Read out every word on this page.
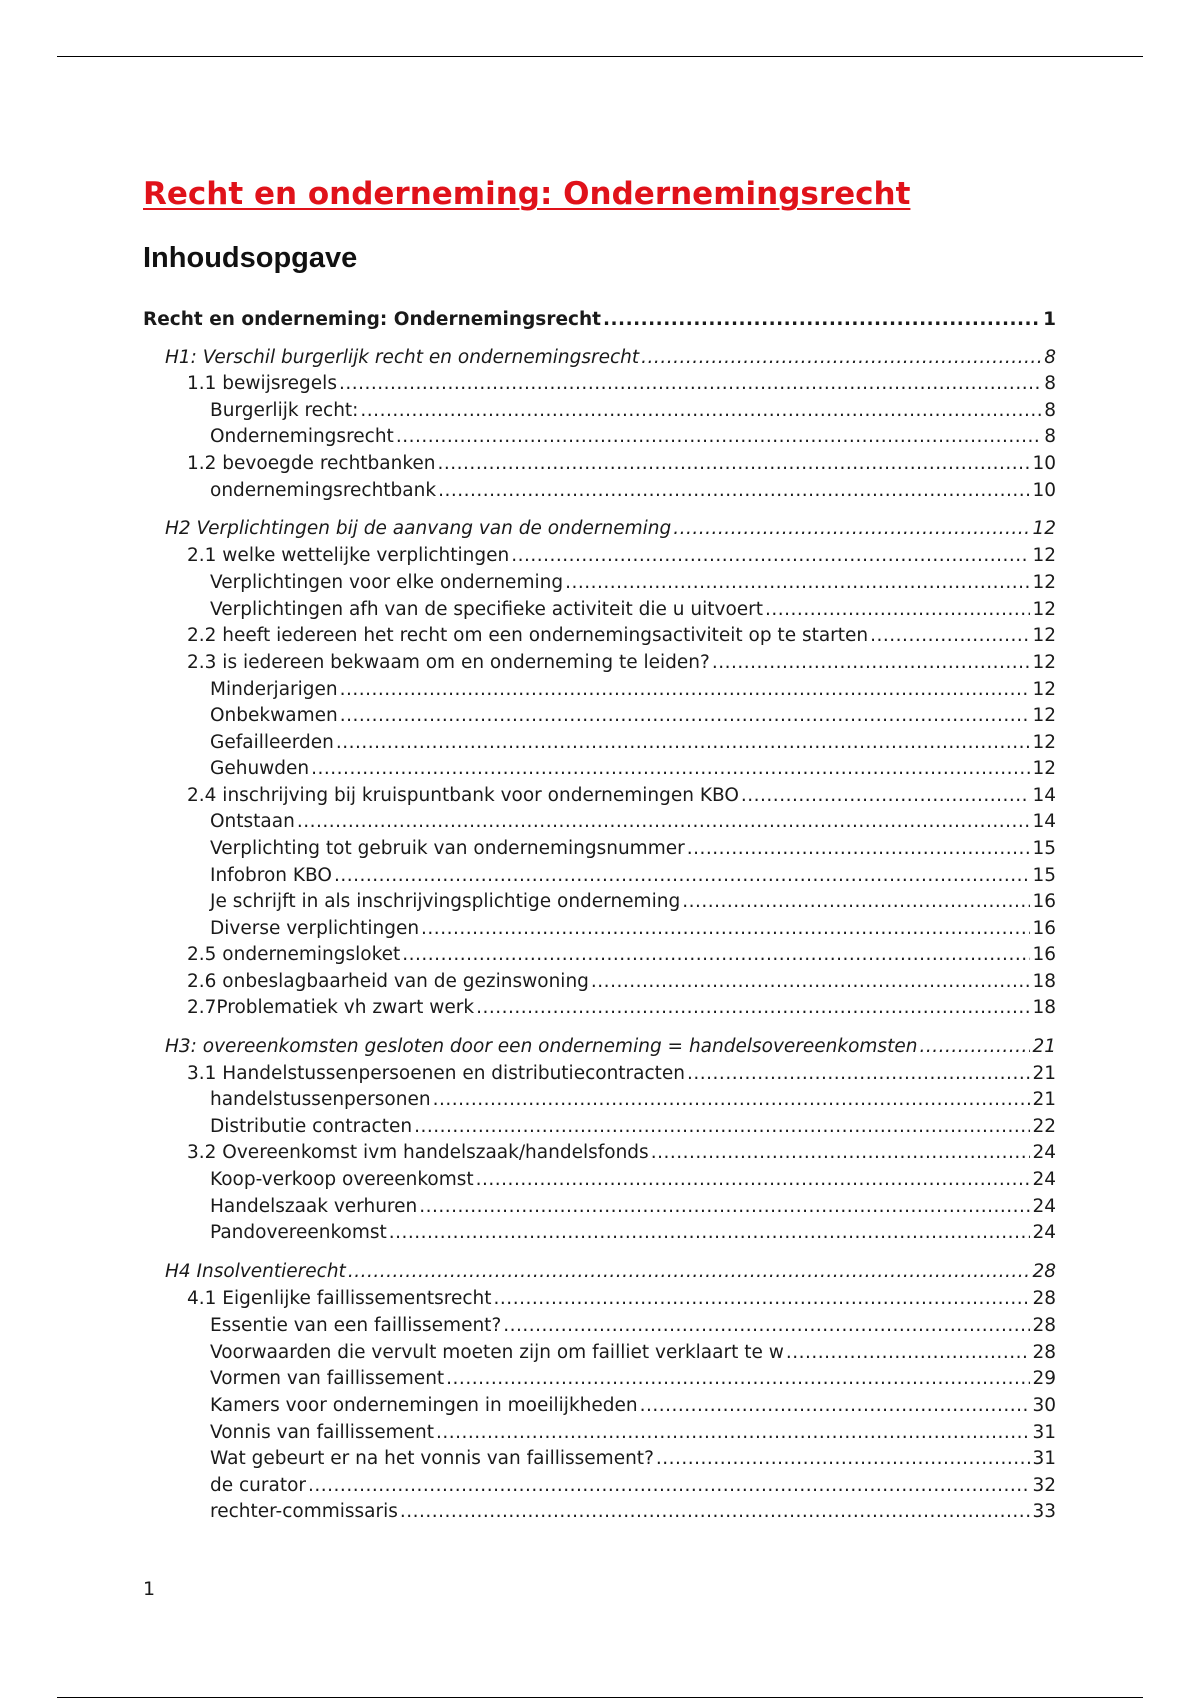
Recht en onderneming: Ondernemingsrecht
Inhoudsopgave
Recht en onderneming: Ondernemingsrecht .....	1
H1: Verschil burgerlijk recht en ondernemingsrecht .....	8
1.1 bewijsregels .....	8
Burgerlijk recht: .....	8
Ondernemingsrecht .....	8
1.2 bevoegde rechtbanken .....	10
ondernemingsrechtbank .....	10
H2 Verplichtingen bij de aanvang van de onderneming .....	12
2.1 welke wettelijke verplichtingen .....	12
Verplichtingen voor elke onderneming .....	12
Verplichtingen afh van de specifieke activiteit die u uitvoert .....	12
2.2 heeft iedereen het recht om een ondernemingsactiviteit op te starten .....	12
2.3 is iedereen bekwaam om en onderneming te leiden? .....	12
Minderjarigen .....	12
Onbekwamen .....	12
Gefailleerden .....	12
Gehuwden .....	12
2.4 inschrijving bij kruispuntbank voor ondernemingen KBO .....	14
Ontstaan .....	14
Verplichting tot gebruik van ondernemingsnummer .....	15
Infobron KBO .....	15
Je schrijft in als inschrijvingsplichtige onderneming .....	16
Diverse verplichtingen .....	16
2.5 ondernemingsloket .....	16
2.6 onbeslagbaarheid van de gezinswoning .....	18
2.7Problematiek vh zwart werk .....	18
H3: overeenkomsten gesloten door een onderneming = handelsovereenkomsten .....	21
3.1 Handelstussenpersoenen en distributiecontracten .....	21
handelstussenpersonen .....	21
Distributie contracten .....	22
3.2 Overeenkomst ivm handelszaak/handelsfonds .....	24
Koop-verkoop overeenkomst .....	24
Handelszaak verhuren .....	24
Pandovereenkomst .....	24
H4 Insolventierecht .....	28
4.1 Eigenlijke faillissementsrecht .....	28
Essentie van een faillissement? .....	28
Voorwaarden die vervult moeten zijn om failliet verklaart te w .....	28
Vormen van faillissement .....	29
Kamers voor ondernemingen in moeilijkheden .....	30
Vonnis van faillissement .....	31
Wat gebeurt er na het vonnis van faillissement? .....	31
de curator .....	32
rechter-commissaris .....	33
1
